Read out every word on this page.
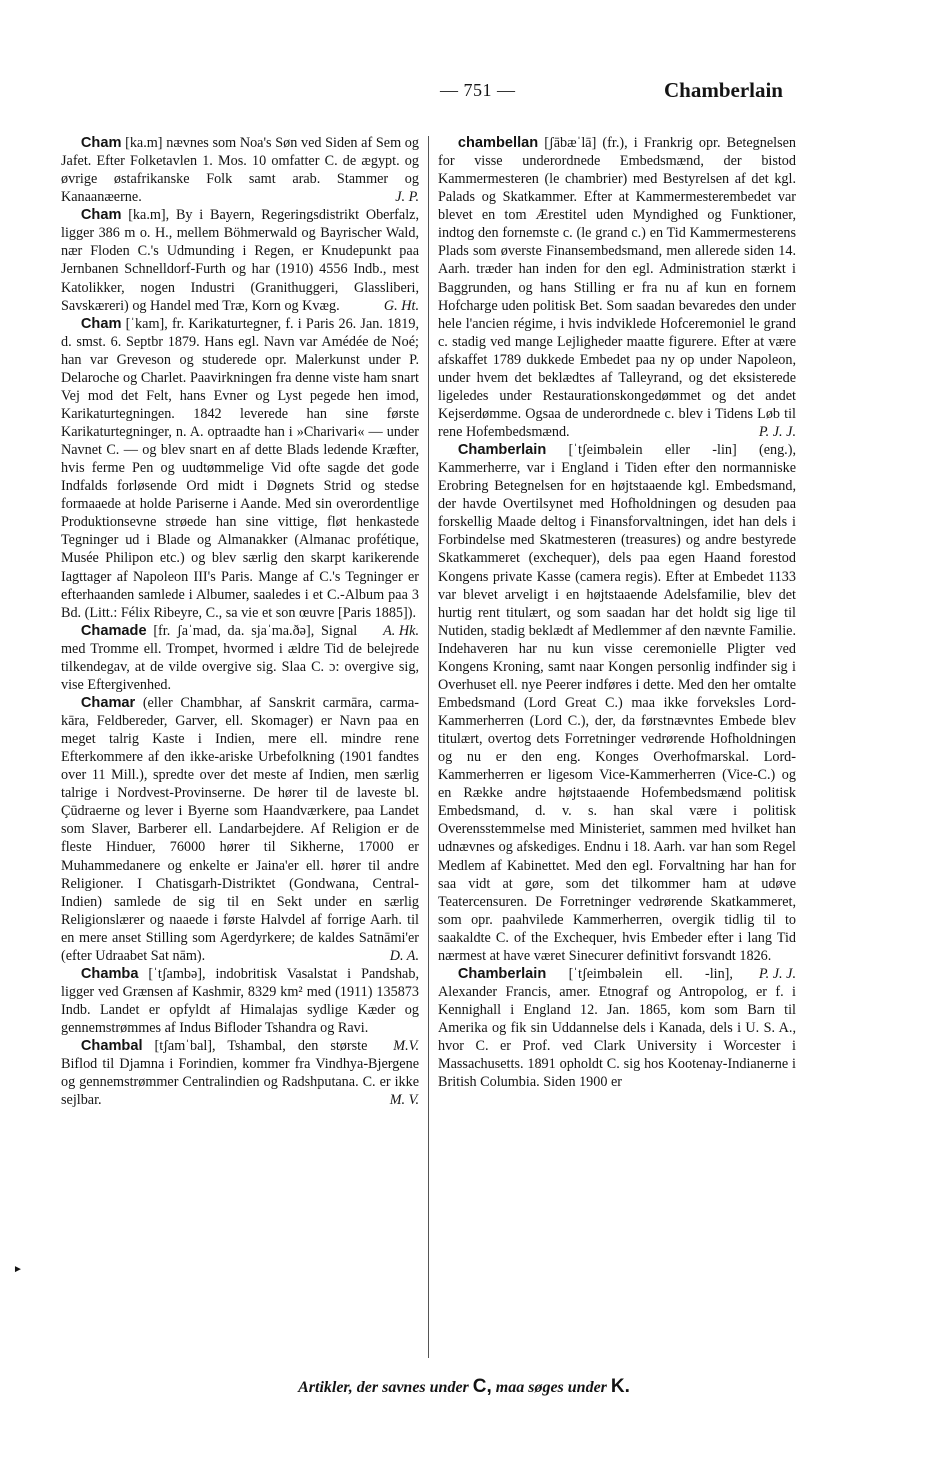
— 751 —	Chamberlain

Cham [ka.m] nævnes som Noa's Søn ved Siden af Sem og Jafet. Efter Folketavlen 1. Mos. 10 omfatter C. de ægypt. og øvrige østafrikanske Folk samt arab. Stammer og Kanaanæerne.	J. P.

Cham [ka.m], By i Bayern, Regeringsdistrikt Oberfalz, ligger 386 m o. H., mellem Böhmerwald og Bayrischer Wald, nær Floden C.'s Udmunding i Regen, er Knudepunkt paa Jernbanen Schnelldorf-Furth og har (1910) 4556 Indb., mest Katolikker, nogen Industri (Granithuggeri, Glassliberi, Savskæreri) og Handel med Træ, Korn og Kvæg.	G. Ht.

Cham [ˈkam], fr. Karikaturtegner, f. i Paris 26. Jan. 1819, d. smst. 6. Septbr 1879. Hans egl. Navn var Amédée de Noé; han var Greveson og studerede opr. Malerkunst under P. Delaroche og Charlet. Paavirkningen fra denne viste ham snart Vej mod det Felt, hans Evner og Lyst pegede hen imod, Karikaturtegningen. 1842 leverede han sine første Karikaturtegninger, n. A. optraadte han i »Charivari« — under Navnet C. — og blev snart en af dette Blads ledende Kræfter, hvis ferme Pen og uudtømmelige Vid ofte sagde det gode Indfalds forløsende Ord midt i Døgnets Strid og stedse formaaede at holde Pariserne i Aande. Med sin overordentlige Produktionsevne strøede han sine vittige, fløt henkastede Tegninger ud i Blade og Almanakker (Almanac profétique, Musée Philipon etc.) og blev særlig den skarpt karikerende Iagttager af Napoleon III's Paris. Mange af C.'s Tegninger er efterhaanden samlede i Albumer, saaledes i et C.-Album paa 3 Bd. (Litt.: Félix Ribeyre, C., sa vie et son œuvre [Paris 1885]).
A. Hk.

Chamade [fr. ʃaˈmad, da. sjaˈma.ðə], Signal med Tromme ell. Trompet, hvormed i ældre Tid de belejrede tilkendegav, at de vilde overgive sig. Slaa C. ɔ: overgive sig, vise Eftergivenhed.

Chamar (eller Chambhar, af Sanskrit carmāra, carma-kāra, Feldbereder, Garver, ell. Skomager) er Navn paa en meget talrig Kaste i Indien, mere ell. mindre rene Efterkommere af den ikke-ariske Urbefolkning (1901 fandtes over 11 Mill.), spredte over det meste af Indien, men særlig talrige i Nordvest-Provinserne. De hører til de laveste bl. Çūdraerne og lever i Byerne som Haandværkere, paa Landet som Slaver, Barberer ell. Landarbejdere. Af Religion er de fleste Hinduer, 76000 hører til Sikherne, 17000 er Muhammedanere og enkelte er Jaina'er ell. hører til andre Religioner. I Chatisgarh-Distriktet (Gondwana, Central-Indien) samlede de sig til en Sekt under en særlig Religionslærer og naaede i første Halvdel af forrige Aarh. til en mere anset Stilling som Agerdyrkere; de kaldes Satnāmi'er (efter Udraabet Sat nām).	D. A.

Chamba [ˈtʃambə], indobritisk Vasalstat i Pandshab, ligger ved Grænsen af Kashmir, 8329 km² med (1911) 135873 Indb. Landet er opfyldt af Himalajas sydlige Kæder og gennemstrømmes af Indus Bifloder Tshandra og Ravi.
M.V.

Chambal [tʃamˈbal], Tshambal, den største Biflod til Djamna i Forindien, kommer fra Vindhya-Bjergene og gennemstrømmer Centralindien og Radshputana. C. er ikke sejlbar.	M. V.

chambellan [ʃābæˈlā] (fr.), i Frankrig opr. Betegnelsen for visse underordnede Embedsmænd, der bistod Kammermesteren (le chambrier) med Bestyrelsen af det kgl. Palads og Skatkammer. Efter at Kammermesterembedet var blevet en tom Ærestitel uden Myndighed og Funktioner, indtog den fornemste c. (le grand c.) en Tid Kammermesterens Plads som øverste Finansembedsmand, men allerede siden 14. Aarh. træder han inden for den egl. Administration stærkt i Baggrunden, og hans Stilling er fra nu af kun en fornem Hofcharge uden politisk Bet. Som saadan bevaredes den under hele l'ancien régime, i hvis indviklede Hofceremoniel le grand c. stadig ved mange Lejligheder maatte figurere. Efter at være afskaffet 1789 dukkede Embedet paa ny op under Napoleon, under hvem det beklædtes af Talleyrand, og det eksisterede ligeledes under Restaurationskongedømmet og det andet Kejserdømme. Ogsaa de underordnede c. blev i Tidens Løb til rene Hofembedsmænd.	P. J. J.

Chamberlain [ˈtʃeimbəlein eller -lin] (eng.), Kammerherre, var i England i Tiden efter den normanniske Erobring Betegnelsen for en højtstaaende kgl. Embedsmand, der havde Overtilsynet med Hofholdningen og desuden paa forskellig Maade deltog i Finansforvaltningen, idet han dels i Forbindelse med Skatmesteren (treasures) og andre bestyrede Skatkammeret (exchequer), dels paa egen Haand forestod Kongens private Kasse (camera regis). Efter at Embedet 1133 var blevet arveligt i en højtstaaende Adelsfamilie, blev det hurtig rent titulært, og som saadan har det holdt sig lige til Nutiden, stadig beklædt af Medlemmer af den nævnte Familie. Indehaveren har nu kun visse ceremonielle Pligter ved Kongens Kroning, samt naar Kongen personlig indfinder sig i Overhuset ell. nye Peerer indføres i dette. Med den her omtalte Embedsmand (Lord Great C.) maa ikke forveksles Lord-Kammerherren (Lord C.), der, da førstnævntes Embede blev titulært, overtog dets Forretninger vedrørende Hofholdningen og nu er den eng. Konges Overhofmarskal. Lord-Kammerherren er ligesom Vice-Kammerherren (Vice-C.) og en Række andre højtstaaende Hofembedsmænd politisk Embedsmand, d. v. s. han skal være i politisk Overensstemmelse med Ministeriet, sammen med hvilket han udnævnes og afskediges. Endnu i 18. Aarh. var han som Regel Medlem af Kabinettet. Med den egl. Forvaltning har han for saa vidt at gøre, som det tilkommer ham at udøve Teatercensuren. De Forretninger vedrørende Skatkammeret, som opr. paahvilede Kammerherren, overgik tidlig til to saakaldte C. of the Exchequer, hvis Embeder efter i lang Tid nærmest at have været Sinecurer definitivt forsvandt 1826.
P. J. J.

Chamberlain [ˈtʃeimbəlein ell. -lin], Alexander Francis, amer. Etnograf og Antropolog, er f. i Kennighall i England 12. Jan. 1865, kom som Barn til Amerika og fik sin Uddannelse dels i Kanada, dels i U. S. A., hvor C. er Prof. ved Clark University i Worcester i Massachusetts. 1891 opholdt C. sig hos Kootenay-Indianerne i British Columbia. Siden 1900 er

►
Artikler, der savnes under C, maa søges under K.
